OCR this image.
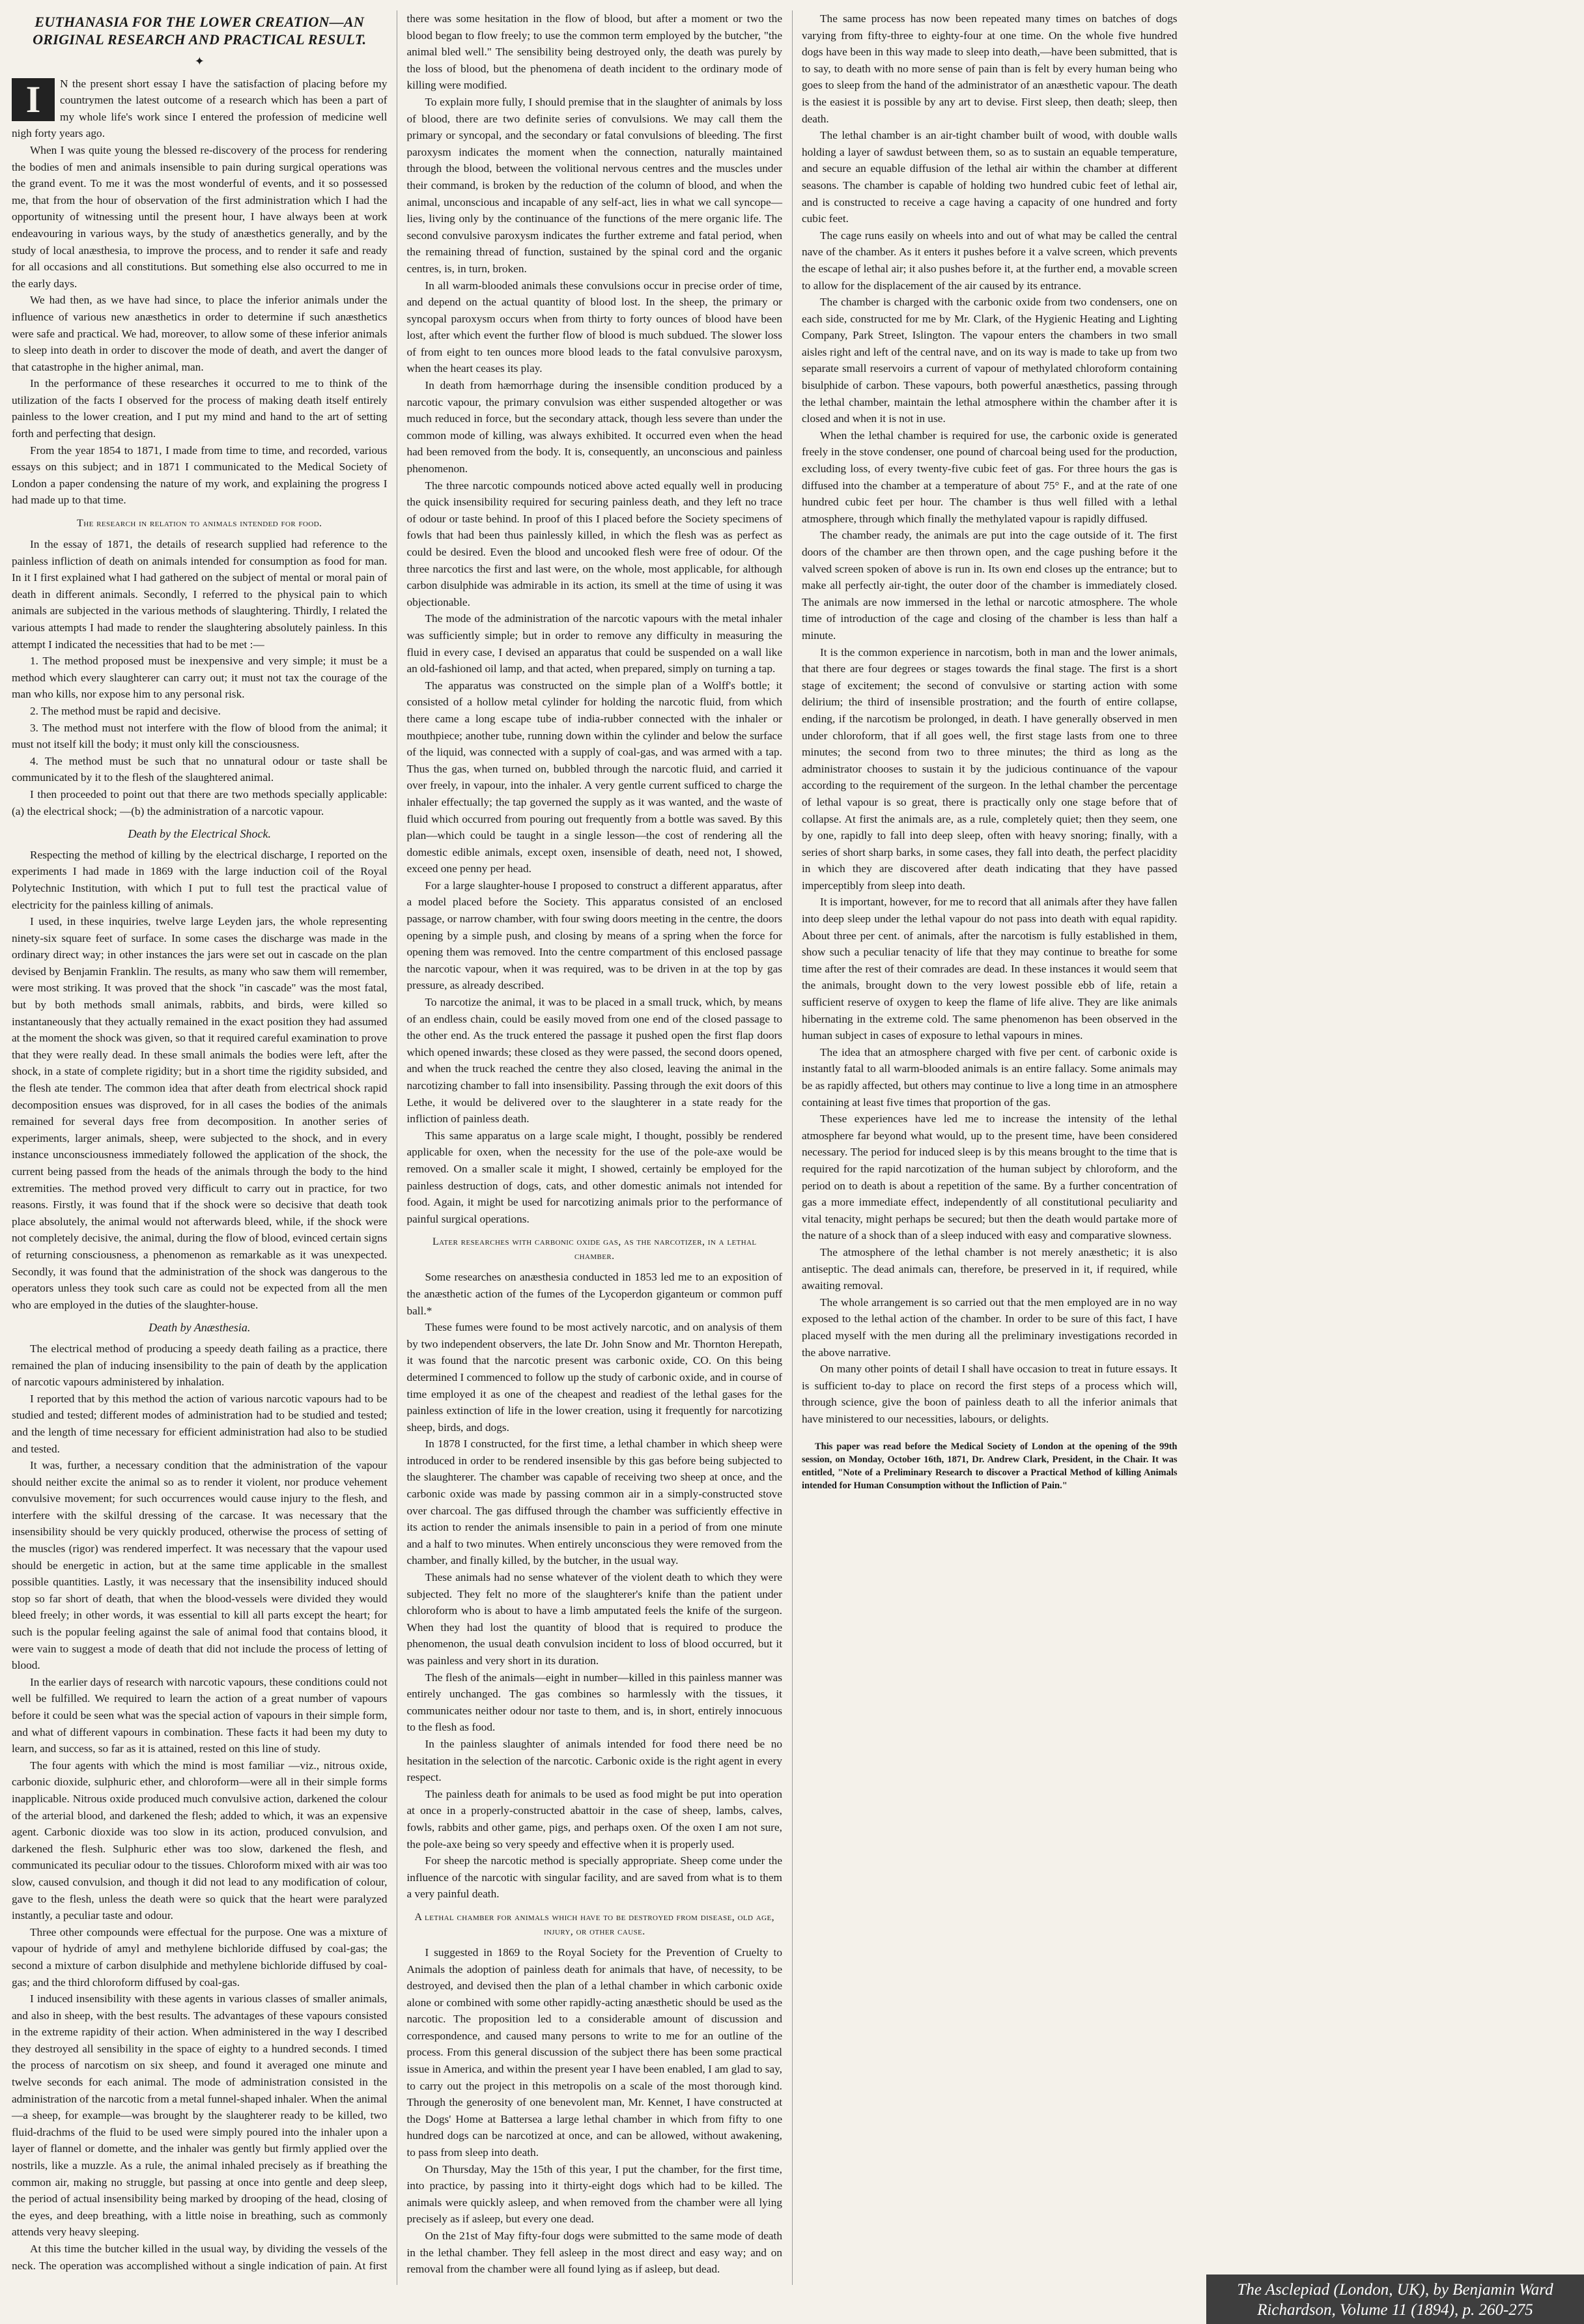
EUTHANASIA FOR THE LOWER CREATION—AN ORIGINAL RESEARCH AND PRACTICAL RESULT.
✦

I	N the present short essay I have the satisfaction of placing before my countrymen the latest outcome of a research which has been a part of my whole life's work since I entered the profession of medicine well nigh forty years ago.

When I was quite young the blessed re-discovery of the process for rendering the bodies of men and animals insensible to pain during surgical operations was the grand event. To me it was the most wonderful of events, and it so possessed me, that from the hour of observation of the first administration which I had the opportunity of witnessing until the present hour, I have always been at work endeavouring in various ways, by the study of anæsthetics generally, and by the study of local anæsthesia, to improve the process, and to render it safe and ready for all occasions and all constitutions. But something else also occurred to me in the early days.

We had then, as we have had since, to place the inferior animals under the influence of various new anæsthetics in order to determine if such anæsthetics were safe and practical. We had, moreover, to allow some of these inferior animals to sleep into death in order to discover the mode of death, and avert the danger of that catastrophe in the higher animal, man.

In the performance of these researches it occurred to me to think of the utilization of the facts I observed for the process of making death itself entirely painless to the lower creation, and I put my mind and hand to the art of setting forth and perfecting that design.

From the year 1854 to 1871, I made from time to time, and recorded, various essays on this subject; and in 1871 I communicated to the Medical Society of London a paper condensing the nature of my work, and explaining the progress I had made up to that time.

The research in relation to animals intended for food.

In the essay of 1871, the details of research supplied had reference to the painless infliction of death on animals intended for consumption as food for man. In it I first explained what I had gathered on the subject of mental or moral pain of death in different animals. Secondly, I referred to the physical pain to which animals are subjected in the various methods of slaughtering. Thirdly, I related the various attempts I had made to render the slaughtering absolutely painless. In this attempt I indicated the necessities that had to be met :—

1. The method proposed must be inexpensive and very simple; it must be a method which every slaughterer can carry out; it must not tax the courage of the man who kills, nor expose him to any personal risk.

2. The method must be rapid and decisive.

3. The method must not interfere with the flow of blood from the animal; it must not itself kill the body; it must only kill the consciousness.

4. The method must be such that no unnatural odour or taste shall be communicated by it to the flesh of the slaughtered animal.

I then proceeded to point out that there are two methods specially applicable: (a) the electrical shock; —(b) the administration of a narcotic vapour.

Death by the Electrical Shock.

Respecting the method of killing by the electrical discharge, I reported on the experiments I had made in 1869 with the large induction coil of the Royal Polytechnic Institution, with which I put to full test the practical value of electricity for the painless killing of animals.

I used, in these inquiries, twelve large Leyden jars, the whole representing ninety-six square feet of surface. In some cases the discharge was made in the ordinary direct way; in other instances the jars were set out in cascade on the plan devised by Benjamin Franklin. The results, as many who saw them will remember, were most striking. It was proved that the shock "in cascade" was the most fatal, but by both methods small animals, rabbits, and birds, were killed so instantaneously that they actually remained in the exact position they had assumed at the moment the shock was given, so that it required careful examination to prove that they were really dead. In these small animals the bodies were left, after the shock, in a state of complete rigidity; but in a short time the rigidity subsided, and the flesh ate tender. The common idea that after death from electrical shock rapid decomposition ensues was disproved, for in all cases the bodies of the animals remained for several days free from decomposition. In another series of experiments, larger animals, sheep, were subjected to the shock, and in every instance unconsciousness immediately followed the application of the shock, the current being passed from the heads of the animals through the body to the hind extremities. The method proved very difficult to carry out in practice, for two reasons. Firstly, it was found that if the shock were so decisive that death took place absolutely, the animal would not afterwards bleed, while, if the shock were not completely decisive, the animal, during the flow of blood, evinced certain signs of returning consciousness, a phenomenon as remarkable as it was unexpected. Secondly, it was found that the administration of the shock was dangerous to the operators unless they took such care as could not be expected from all the men who are employed in the duties of the slaughter-house.

Death by Anæsthesia.

The electrical method of producing a speedy death failing as a practice, there remained the plan of inducing insensibility to the pain of death by the application of narcotic vapours administered by inhalation.

I reported that by this method the action of various narcotic vapours had to be studied and tested; different modes of administration had to be studied and tested; and the length of time necessary for efficient administration had also to be studied and tested.

It was, further, a necessary condition that the administration of the vapour should neither excite the animal so as to render it violent, nor produce vehement convulsive movement; for such occurrences would cause injury to the flesh, and interfere with the skilful dressing of the carcase. It was necessary that the insensibility should be very quickly produced, otherwise the process of setting of the muscles (rigor) was rendered imperfect. It was necessary that the vapour used should be energetic in action, but at the same time applicable in the smallest possible quantities. Lastly, it was necessary that the insensibility induced should stop so far short of death, that when the blood-vessels were divided they would bleed freely; in other words, it was essential to kill all parts except the heart; for such is the popular feeling against the sale of animal food that contains blood, it were vain to suggest a mode of death that did not include the process of letting of blood.

In the earlier days of research with narcotic vapours, these conditions could not well be fulfilled. We required to learn the action of a great number of vapours before it could be seen what was the special action of vapours in their simple form, and what of different vapours in combination. These facts it had been my duty to learn, and success, so far as it is attained, rested on this line of study.

The four agents with which the mind is most familiar —viz., nitrous oxide, carbonic dioxide, sulphuric ether, and chloroform—were all in their simple forms inapplicable. Nitrous oxide produced much convulsive action, darkened the colour of the arterial blood, and darkened the flesh; added to which, it was an expensive agent. Carbonic dioxide was too slow in its action, produced convulsion, and darkened the flesh. Sulphuric ether was too slow, darkened the flesh, and communicated its peculiar odour to the tissues. Chloroform mixed with air was too slow, caused convulsion, and though it did not lead to any modification of colour, gave to the flesh, unless the death were so quick that the heart were paralyzed instantly, a peculiar taste and odour.

Three other compounds were effectual for the purpose. One was a mixture of vapour of hydride of amyl and methylene bichloride diffused by coal-gas; the second a mixture of carbon disulphide and methylene bichloride diffused by coal-gas; and the third chloroform diffused by coal-gas.

I induced insensibility with these agents in various classes of smaller animals, and also in sheep, with the best results. The advantages of these vapours consisted in the extreme rapidity of their action. When administered in the way I described they destroyed all sensibility in the space of eighty to a hundred seconds. I timed the process of narcotism on six sheep, and found it averaged one minute and twelve seconds for each animal. The mode of administration consisted in the administration of the narcotic from a metal funnel-shaped inhaler. When the animal—a sheep, for example—was brought by the slaughterer ready to be killed, two fluid-drachms of the fluid to be used were simply poured into the inhaler upon a layer of flannel or domette, and the inhaler was gently but firmly applied over the nostrils, like a muzzle. As a rule, the animal inhaled precisely as if breathing the common air, making no struggle, but passing at once into gentle and deep sleep, the period of actual insensibility being marked by drooping of the head, closing of the eyes, and deep breathing, with a little noise in breathing, such as commonly attends very heavy sleeping.

At this time the butcher killed in the usual way, by dividing the vessels of the neck. The operation was accomplished without a single indication of pain. At first there was some hesitation in the flow of blood, but after a moment or two the blood began to flow freely; to use the common term employed by the butcher, "the animal bled well." The sensibility being destroyed only, the death was purely by the loss of blood, but the phenomena of death incident to the ordinary mode of killing were modified.

To explain more fully, I should premise that in the slaughter of animals by loss of blood, there are two definite series of convulsions. We may call them the primary or syncopal, and the secondary or fatal convulsions of bleeding. The first paroxysm indicates the moment when the connection, naturally maintained through the blood, between the volitional nervous centres and the muscles under their command, is broken by the reduction of the column of blood, and when the animal, unconscious and incapable of any self-act, lies in what we call syncope—lies, living only by the continuance of the functions of the mere organic life. The second convulsive paroxysm indicates the further extreme and fatal period, when the remaining thread of function, sustained by the spinal cord and the organic centres, is, in turn, broken.

In all warm-blooded animals these convulsions occur in precise order of time, and depend on the actual quantity of blood lost. In the sheep, the primary or syncopal paroxysm occurs when from thirty to forty ounces of blood have been lost, after which event the further flow of blood is much subdued. The slower loss of from eight to ten ounces more blood leads to the fatal convulsive paroxysm, when the heart ceases its play.

In death from hæmorrhage during the insensible condition produced by a narcotic vapour, the primary convulsion was either suspended altogether or was much reduced in force, but the secondary attack, though less severe than under the common mode of killing, was always exhibited. It occurred even when the head had been removed from the body. It is, consequently, an unconscious and painless phenomenon.

The three narcotic compounds noticed above acted equally well in producing the quick insensibility required for securing painless death, and they left no trace of odour or taste behind. In proof of this I placed before the Society specimens of fowls that had been thus painlessly killed, in which the flesh was as perfect as could be desired. Even the blood and uncooked flesh were free of odour. Of the three narcotics the first and last were, on the whole, most applicable, for although carbon disulphide was admirable in its action, its smell at the time of using it was objectionable.

The mode of the administration of the narcotic vapours with the metal inhaler was sufficiently simple; but in order to remove any difficulty in measuring the fluid in every case, I devised an apparatus that could be suspended on a wall like an old-fashioned oil lamp, and that acted, when prepared, simply on turning a tap.

The apparatus was constructed on the simple plan of a Wolff's bottle; it consisted of a hollow metal cylinder for holding the narcotic fluid, from which there came a long escape tube of india-rubber connected with the inhaler or mouthpiece; another tube, running down within the cylinder and below the surface of the liquid, was connected with a supply of coal-gas, and was armed with a tap. Thus the gas, when turned on, bubbled through the narcotic fluid, and carried it over freely, in vapour, into the inhaler. A very gentle current sufficed to charge the inhaler effectually; the tap governed the supply as it was wanted, and the waste of fluid which occurred from pouring out frequently from a bottle was saved. By this plan—which could be taught in a single lesson—the cost of rendering all the domestic edible animals, except oxen, insensible of death, need not, I showed, exceed one penny per head.

For a large slaughter-house I proposed to construct a different apparatus, after a model placed before the Society. This apparatus consisted of an enclosed passage, or narrow chamber, with four swing doors meeting in the centre, the doors opening by a simple push, and closing by means of a spring when the force for opening them was removed. Into the centre compartment of this enclosed passage the narcotic vapour, when it was required, was to be driven in at the top by gas pressure, as already described.

To narcotize the animal, it was to be placed in a small truck, which, by means of an endless chain, could be easily moved from one end of the closed passage to the other end. As the truck entered the passage it pushed open the first flap doors which opened inwards; these closed as they were passed, the second doors opened, and when the truck reached the centre they also closed, leaving the animal in the narcotizing chamber to fall into insensibility. Passing through the exit doors of this Lethe, it would be delivered over to the slaughterer in a state ready for the infliction of painless death.

This same apparatus on a large scale might, I thought, possibly be rendered applicable for oxen, when the necessity for the use of the pole-axe would be removed. On a smaller scale it might, I showed, certainly be employed for the painless destruction of dogs, cats, and other domestic animals not intended for food. Again, it might be used for narcotizing animals prior to the performance of painful surgical operations.

Later researches with carbonic oxide gas, as the narcotizer, in a lethal chamber.

Some researches on anæsthesia conducted in 1853 led me to an exposition of the anæsthetic action of the fumes of the Lycoperdon giganteum or common puff ball.*

These fumes were found to be most actively narcotic, and on analysis of them by two independent observers, the late Dr. John Snow and Mr. Thornton Herepath, it was found that the narcotic present was carbonic oxide, CO. On this being determined I commenced to follow up the study of carbonic oxide, and in course of time employed it as one of the cheapest and readiest of the lethal gases for the painless extinction of life in the lower creation, using it frequently for narcotizing sheep, birds, and dogs.

In 1878 I constructed, for the first time, a lethal chamber in which sheep were introduced in order to be rendered insensible by this gas before being subjected to the slaughterer. The chamber was capable of receiving two sheep at once, and the carbonic oxide was made by passing common air in a simply-constructed stove over charcoal. The gas diffused through the chamber was sufficiently effective in its action to render the animals insensible to pain in a period of from one minute and a half to two minutes. When entirely unconscious they were removed from the chamber, and finally killed, by the butcher, in the usual way.

These animals had no sense whatever of the violent death to which they were subjected. They felt no more of the slaughterer's knife than the patient under chloroform who is about to have a limb amputated feels the knife of the surgeon. When they had lost the quantity of blood that is required to produce the phenomenon, the usual death convulsion incident to loss of blood occurred, but it was painless and very short in its duration.

The flesh of the animals—eight in number—killed in this painless manner was entirely unchanged. The gas combines so harmlessly with the tissues, it communicates neither odour nor taste to them, and is, in short, entirely innocuous to the flesh as food.

In the painless slaughter of animals intended for food there need be no hesitation in the selection of the narcotic. Carbonic oxide is the right agent in every respect.

The painless death for animals to be used as food might be put into operation at once in a properly-constructed abattoir in the case of sheep, lambs, calves, fowls, rabbits and other game, pigs, and perhaps oxen. Of the oxen I am not sure, the pole-axe being so very speedy and effective when it is properly used.

For sheep the narcotic method is specially appropriate. Sheep come under the influence of the narcotic with singular facility, and are saved from what is to them a very painful death.

A lethal chamber for animals which have to be destroyed from disease, old age, injury, or other cause.

I suggested in 1869 to the Royal Society for the Prevention of Cruelty to Animals the adoption of painless death for animals that have, of necessity, to be destroyed, and devised then the plan of a lethal chamber in which carbonic oxide alone or combined with some other rapidly-acting anæsthetic should be used as the narcotic. The proposition led to a considerable amount of discussion and correspondence, and caused many persons to write to me for an outline of the process. From this general discussion of the subject there has been some practical issue in America, and within the present year I have been enabled, I am glad to say, to carry out the project in this metropolis on a scale of the most thorough kind. Through the generosity of one benevolent man, Mr. Kennet, I have constructed at the Dogs' Home at Battersea a large lethal chamber in which from fifty to one hundred dogs can be narcotized at once, and can be allowed, without awakening, to pass from sleep into death.

On Thursday, May the 15th of this year, I put the chamber, for the first time, into practice, by passing into it thirty-eight dogs which had to be killed. The animals were quickly asleep, and when removed from the chamber were all lying precisely as if asleep, but every one dead.

On the 21st of May fifty-four dogs were submitted to the same mode of death in the lethal chamber. They fell asleep in the most direct and easy way; and on removal from the chamber were all found lying as if asleep, but dead.

The same process has now been repeated many times on batches of dogs varying from fifty-three to eighty-four at one time. On the whole five hundred dogs have been in this way made to sleep into death,—have been submitted, that is to say, to death with no more sense of pain than is felt by every human being who goes to sleep from the hand of the administrator of an anæsthetic vapour. The death is the easiest it is possible by any art to devise. First sleep, then death; sleep, then death.

The lethal chamber is an air-tight chamber built of wood, with double walls holding a layer of sawdust between them, so as to sustain an equable temperature, and secure an equable diffusion of the lethal air within the chamber at different seasons. The chamber is capable of holding two hundred cubic feet of lethal air, and is constructed to receive a cage having a capacity of one hundred and forty cubic feet.

The cage runs easily on wheels into and out of what may be called the central nave of the chamber. As it enters it pushes before it a valve screen, which prevents the escape of lethal air; it also pushes before it, at the further end, a movable screen to allow for the displacement of the air caused by its entrance.

The chamber is charged with the carbonic oxide from two condensers, one on each side, constructed for me by Mr. Clark, of the Hygienic Heating and Lighting Company, Park Street, Islington. The vapour enters the chambers in two small aisles right and left of the central nave, and on its way is made to take up from two separate small reservoirs a current of vapour of methylated chloroform containing bisulphide of carbon. These vapours, both powerful anæsthetics, passing through the lethal chamber, maintain the lethal atmosphere within the chamber after it is closed and when it is not in use.

When the lethal chamber is required for use, the carbonic oxide is generated freely in the stove condenser, one pound of charcoal being used for the production, excluding loss, of every twenty-five cubic feet of gas. For three hours the gas is diffused into the chamber at a temperature of about 75° F., and at the rate of one hundred cubic feet per hour. The chamber is thus well filled with a lethal atmosphere, through which finally the methylated vapour is rapidly diffused.

The chamber ready, the animals are put into the cage outside of it. The first doors of the chamber are then thrown open, and the cage pushing before it the valved screen spoken of above is run in. Its own end closes up the entrance; but to make all perfectly air-tight, the outer door of the chamber is immediately closed. The animals are now immersed in the lethal or narcotic atmosphere. The whole time of introduction of the cage and closing of the chamber is less than half a minute.

It is the common experience in narcotism, both in man and the lower animals, that there are four degrees or stages towards the final stage. The first is a short stage of excitement; the second of convulsive or starting action with some delirium; the third of insensible prostration; and the fourth of entire collapse, ending, if the narcotism be prolonged, in death. I have generally observed in men under chloroform, that if all goes well, the first stage lasts from one to three minutes; the second from two to three minutes; the third as long as the administrator chooses to sustain it by the judicious continuance of the vapour according to the requirement of the surgeon. In the lethal chamber the percentage of lethal vapour is so great, there is practically only one stage before that of collapse. At first the animals are, as a rule, completely quiet; then they seem, one by one, rapidly to fall into deep sleep, often with heavy snoring; finally, with a series of short sharp barks, in some cases, they fall into death, the perfect placidity in which they are discovered after death indicating that they have passed imperceptibly from sleep into death.

It is important, however, for me to record that all animals after they have fallen into deep sleep under the lethal vapour do not pass into death with equal rapidity. About three per cent. of animals, after the narcotism is fully established in them, show such a peculiar tenacity of life that they may continue to breathe for some time after the rest of their comrades are dead. In these instances it would seem that the animals, brought down to the very lowest possible ebb of life, retain a sufficient reserve of oxygen to keep the flame of life alive. They are like animals hibernating in the extreme cold. The same phenomenon has been observed in the human subject in cases of exposure to lethal vapours in mines.

The idea that an atmosphere charged with five per cent. of carbonic oxide is instantly fatal to all warm-blooded animals is an entire fallacy. Some animals may be as rapidly affected, but others may continue to live a long time in an atmosphere containing at least five times that proportion of the gas.

These experiences have led me to increase the intensity of the lethal atmosphere far beyond what would, up to the present time, have been considered necessary. The period for induced sleep is by this means brought to the time that is required for the rapid narcotization of the human subject by chloroform, and the period on to death is about a repetition of the same. By a further concentration of gas a more immediate effect, independently of all constitutional peculiarity and vital tenacity, might perhaps be secured; but then the death would partake more of the nature of a shock than of a sleep induced with easy and comparative slowness.

The atmosphere of the lethal chamber is not merely anæsthetic; it is also antiseptic. The dead animals can, therefore, be preserved in it, if required, while awaiting removal.

The whole arrangement is so carried out that the men employed are in no way exposed to the lethal action of the chamber. In order to be sure of this fact, I have placed myself with the men during all the preliminary investigations recorded in the above narrative.

On many other points of detail I shall have occasion to treat in future essays. It is sufficient to-day to place on record the first steps of a process which will, through science, give the boon of painless death to all the inferior animals that have ministered to our necessities, labours, or delights.

This paper was read before the Medical Society of London at the opening of the 99th session, on Monday, October 16th, 1871, Dr. Andrew Clark, President, in the Chair. It was entitled, "Note of a Preliminary Research to discover a Practical Method of killing Animals intended for Human Consumption without the Infliction of Pain."

The Asclepiad (London, UK), by Benjamin Ward
Richardson, Volume 11 (1894), p. 260-275
